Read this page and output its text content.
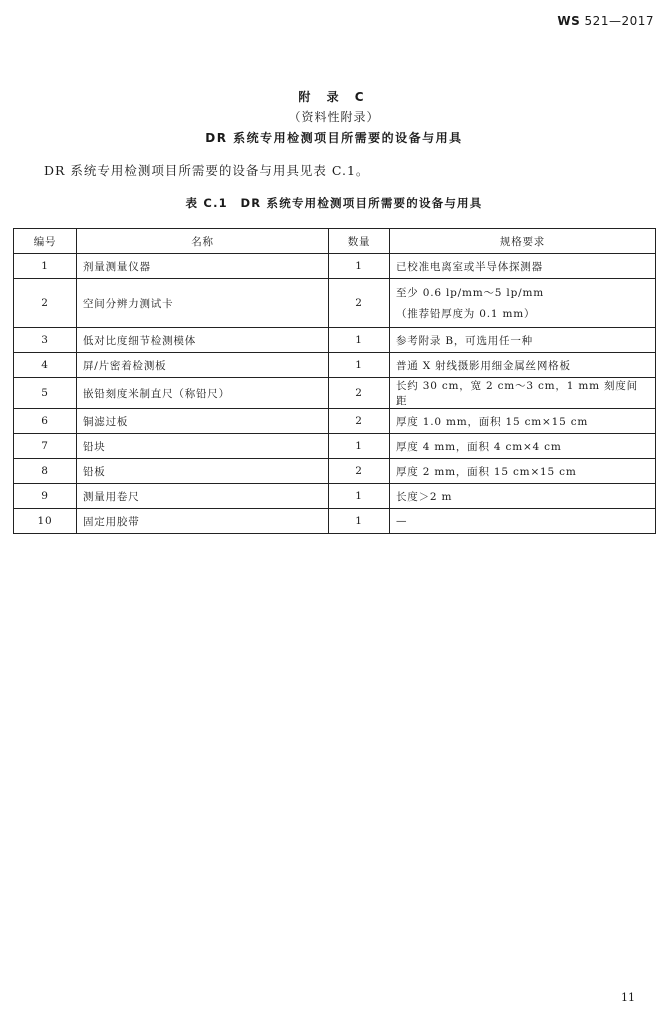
WS 521—2017
附 录 C
（资料性附录）
DR 系统专用检测项目所需要的设备与用具
DR 系统专用检测项目所需要的设备与用具见表 C.1。
表 C.1　DR 系统专用检测项目所需要的设备与用具
编号	名称	数量	规格要求
1	剂量测量仪器	1	已校准电离室或半导体探测器
2	空间分辨力测试卡	2	至少 0.6 lp/mm～5 lp/mm
（推荐铅厚度为 0.1 mm）

3	低对比度细节检测模体	1	参考附录 B，可选用任一种
4	屏/片密着检测板	1	普通 X 射线摄影用细金属丝网格板
5	嵌铅刻度米制直尺（称铅尺）	2	长约 30 cm，宽 2 cm～3 cm，1 mm 刻度间距
6	铜滤过板	2	厚度 1.0 mm，面积 15 cm×15 cm
7	铅块	1	厚度 4 mm，面积 4 cm×4 cm
8	铅板	2	厚度 2 mm，面积 15 cm×15 cm
9	测量用卷尺	1	长度＞2 m
10	固定用胶带	1	—
11
